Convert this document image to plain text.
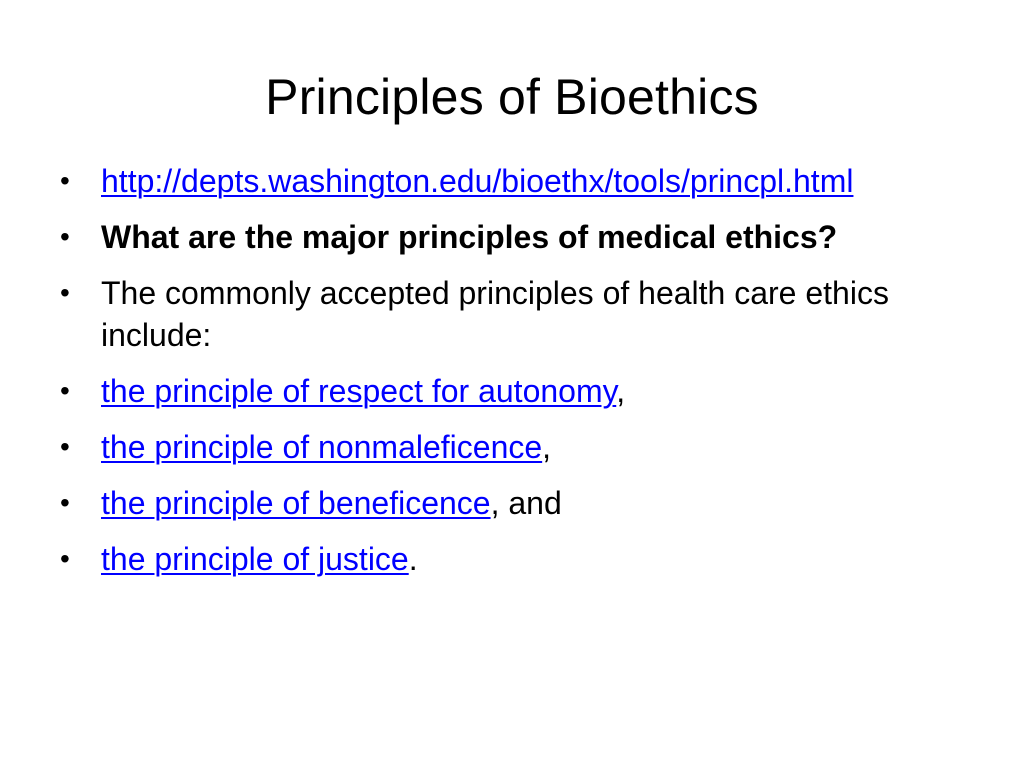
Principles of Bioethics
• http://depts.washington.edu/bioethx/tools/princpl.html
• What are the major principles of medical ethics?
• The commonly accepted principles of health care ethics include:
• the principle of respect for autonomy,
• the principle of nonmaleficence,
• the principle of beneficence, and
• the principle of justice.
